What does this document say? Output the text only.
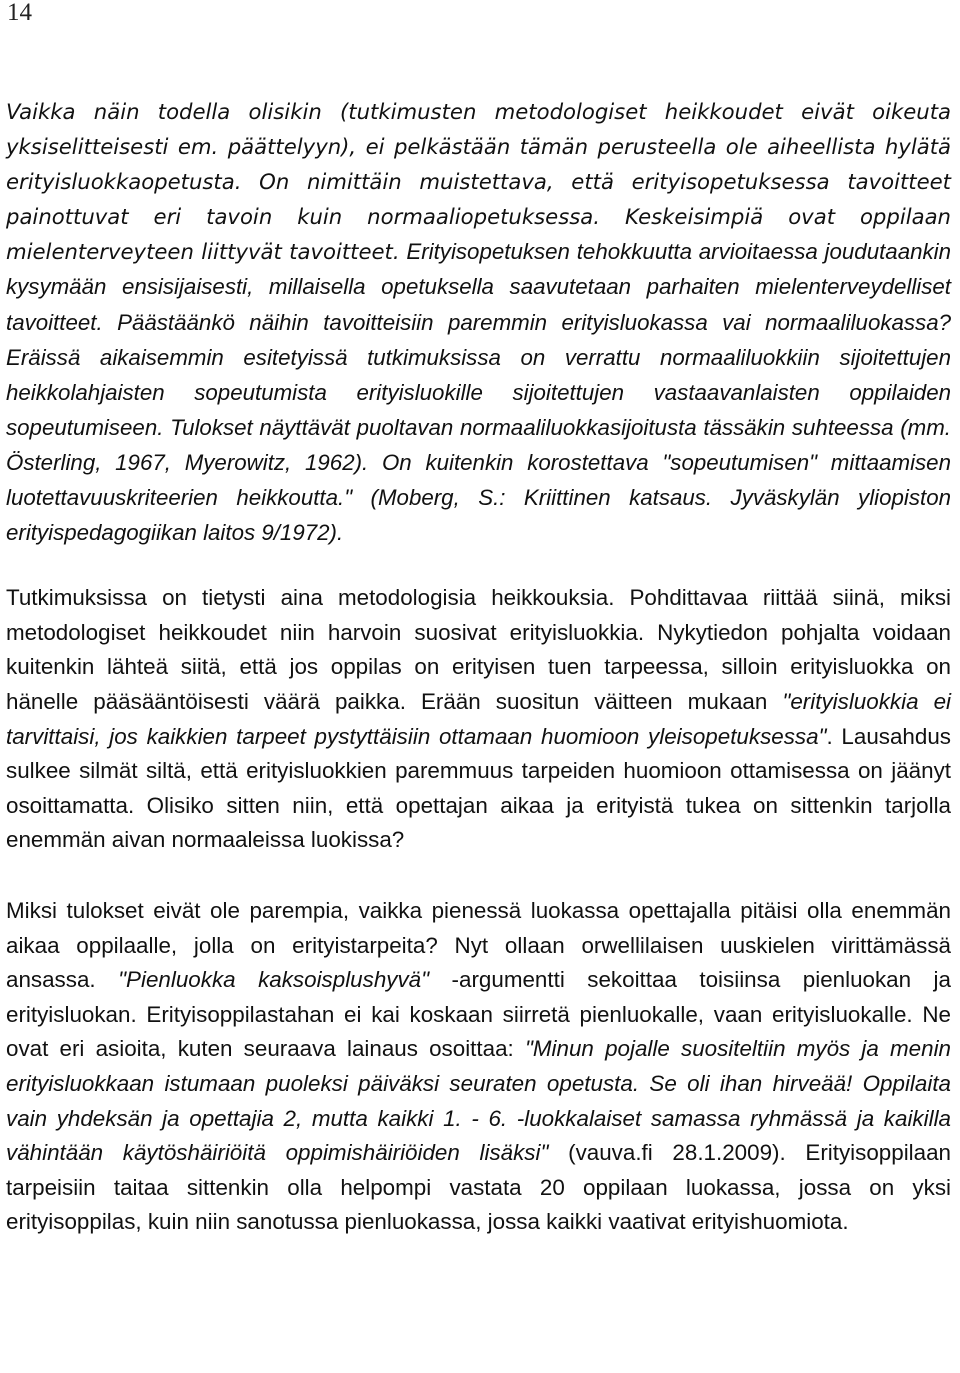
14

Vaikka näin todella olisikin (tutkimusten metodologiset heikkoudet eivät oikeuta yksiselitteisesti em. päättelyyn), ei pelkästään tämän perusteella ole aiheellista hylätä erityisluokkaopetusta. On nimittäin muistettava, että erityisopetuksessa tavoitteet painottuvat eri tavoin kuin normaaliopetuksessa. Keskeisimpiä ovat oppilaan mielenterveyteen liittyvät tavoitteet. Erityisopetuksen tehokkuutta arvioitaessa joudutaankin kysymään ensisijaisesti, millaisella opetuksella saavutetaan parhaiten mielenterveydelliset tavoitteet. Päästäänkö näihin tavoitteisiin paremmin erityisluokassa vai normaaliluokassa? Eräissä aikaisemmin esitetyissä tutkimuksissa on verrattu normaaliluokkiin sijoitettujen heikkolahjaisten sopeutumista erityisluokille sijoitettujen vastaavanlaisten oppilaiden sopeutumiseen. Tulokset näyttävät puoltavan normaaliluokkasijoitusta tässäkin suhteessa (mm. Österling, 1967, Myerowitz, 1962). On kuitenkin korostettava "sopeutumisen" mittaamisen luotettavuuskriteerien heikkoutta." (Moberg, S.: Kriittinen katsaus. Jyväskylän yliopiston erityispedagogiikan laitos 9/1972).

Tutkimuksissa on tietysti aina metodologisia heikkouksia. Pohdittavaa riittää siinä, miksi metodologiset heikkoudet niin harvoin suosivat erityisluokkia. Nykytiedon pohjalta voidaan kuitenkin lähteä siitä, että jos oppilas on erityisen tuen tarpeessa, silloin erityisluokka on hänelle pääsääntöisesti väärä paikka. Erään suositun väitteen mukaan "erityisluokkia ei tarvittaisi, jos kaikkien tarpeet pystyttäisiin ottamaan huomioon yleisopetuksessa". Lausahdus sulkee silmät siltä, että erityisluokkien paremmuus tarpeiden huomioon ottamisessa on jäänyt osoittamatta. Olisiko sitten niin, että opettajan aikaa ja erityistä tukea on sittenkin tarjolla enemmän aivan normaaleissa luokissa?

Miksi tulokset eivät ole parempia, vaikka pienessä luokassa opettajalla pitäisi olla enemmän aikaa oppilaalle, jolla on erityistarpeita? Nyt ollaan orwellilaisen uuskielen virittämässä ansassa. "Pienluokka kaksoisplushyvä" -argumentti sekoittaa toisiinsa pienluokan ja erityisluokan. Erityisoppilastahan ei kai koskaan siirretä pienluokalle, vaan erityisluokalle. Ne ovat eri asioita, kuten seuraava lainaus osoittaa: "Minun pojalle suositeltiin myös ja menin erityisluokkaan istumaan puoleksi päiväksi seuraten opetusta. Se oli ihan hirveää! Oppilaita vain yhdeksän ja opettajia 2, mutta kaikki 1. - 6. -luokkalaiset samassa ryhmässä ja kaikilla vähintään käytöshäiriöitä oppimishäiriöiden lisäksi" (vauva.fi 28.1.2009). Erityisoppilaan tarpeisiin taitaa sittenkin olla helpompi vastata 20 oppilaan luokassa, jossa on yksi erityisoppilas, kuin niin sanotussa pienluokassa, jossa kaikki vaativat erityishuomiota.
